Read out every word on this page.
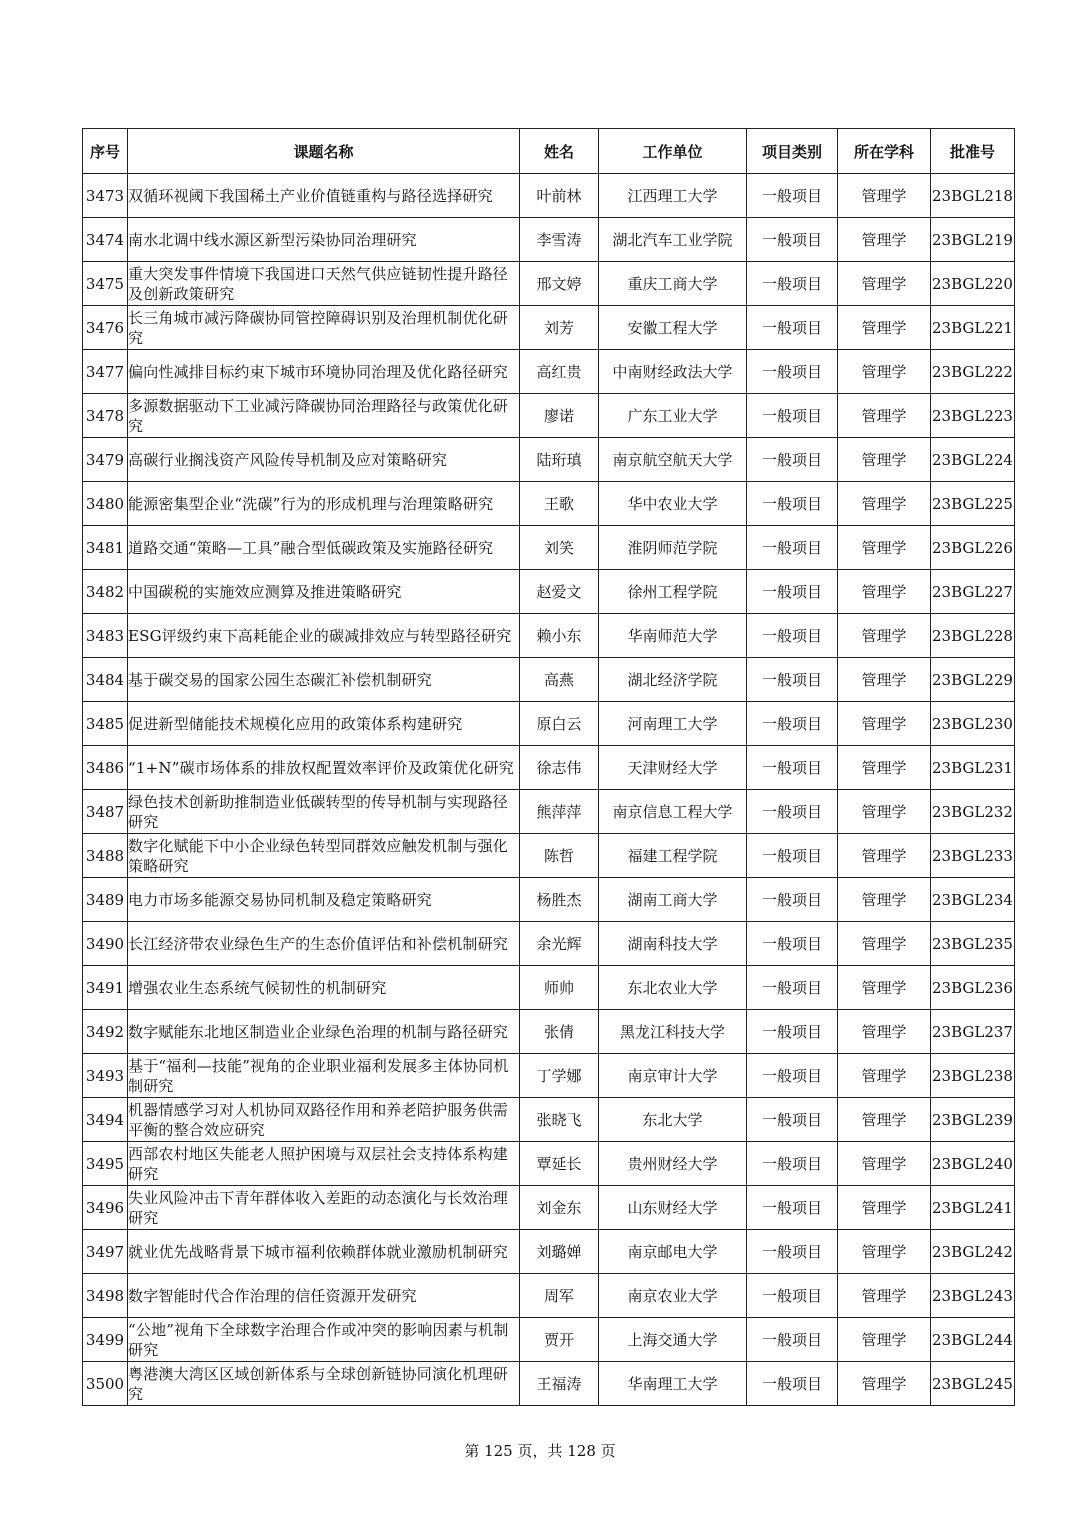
序号	课题名称	姓名	工作单位	项目类别	所在学科	批准号
3473	双循环视阈下我国稀土产业价值链重构与路径选择研究	叶前林	江西理工大学	一般项目	管理学	23BGL218
3474	南水北调中线水源区新型污染协同治理研究	李雪涛	湖北汽车工业学院	一般项目	管理学	23BGL219
3475	重大突发事件情境下我国进口天然气供应链韧性提升路径及创新政策研究	邢文婷	重庆工商大学	一般项目	管理学	23BGL220
3476	长三角城市减污降碳协同管控障碍识别及治理机制优化研究	刘芳	安徽工程大学	一般项目	管理学	23BGL221
3477	偏向性减排目标约束下城市环境协同治理及优化路径研究	高红贵	中南财经政法大学	一般项目	管理学	23BGL222
3478	多源数据驱动下工业减污降碳协同治理路径与政策优化研究	廖诺	广东工业大学	一般项目	管理学	23BGL223
3479	高碳行业搁浅资产风险传导机制及应对策略研究	陆珩瑱	南京航空航天大学	一般项目	管理学	23BGL224
3480	能源密集型企业“洗碳”行为的形成机理与治理策略研究	王歌	华中农业大学	一般项目	管理学	23BGL225
3481	道路交通“策略—工具”融合型低碳政策及实施路径研究	刘笑	淮阴师范学院	一般项目	管理学	23BGL226
3482	中国碳税的实施效应测算及推进策略研究	赵爱文	徐州工程学院	一般项目	管理学	23BGL227
3483	ESG评级约束下高耗能企业的碳减排效应与转型路径研究	赖小东	华南师范大学	一般项目	管理学	23BGL228
3484	基于碳交易的国家公园生态碳汇补偿机制研究	高燕	湖北经济学院	一般项目	管理学	23BGL229
3485	促进新型储能技术规模化应用的政策体系构建研究	原白云	河南理工大学	一般项目	管理学	23BGL230
3486	“1+N”碳市场体系的排放权配置效率评价及政策优化研究	徐志伟	天津财经大学	一般项目	管理学	23BGL231
3487	绿色技术创新助推制造业低碳转型的传导机制与实现路径研究	熊萍萍	南京信息工程大学	一般项目	管理学	23BGL232
3488	数字化赋能下中小企业绿色转型同群效应触发机制与强化策略研究	陈哲	福建工程学院	一般项目	管理学	23BGL233
3489	电力市场多能源交易协同机制及稳定策略研究	杨胜杰	湖南工商大学	一般项目	管理学	23BGL234
3490	长江经济带农业绿色生产的生态价值评估和补偿机制研究	余光辉	湖南科技大学	一般项目	管理学	23BGL235
3491	增强农业生态系统气候韧性的机制研究	师帅	东北农业大学	一般项目	管理学	23BGL236
3492	数字赋能东北地区制造业企业绿色治理的机制与路径研究	张倩	黑龙江科技大学	一般项目	管理学	23BGL237
3493	基于“福利—技能”视角的企业职业福利发展多主体协同机制研究	丁学娜	南京审计大学	一般项目	管理学	23BGL238
3494	机器情感学习对人机协同双路径作用和养老陪护服务供需平衡的整合效应研究	张晓飞	东北大学	一般项目	管理学	23BGL239
3495	西部农村地区失能老人照护困境与双层社会支持体系构建研究	覃延长	贵州财经大学	一般项目	管理学	23BGL240
3496	失业风险冲击下青年群体收入差距的动态演化与长效治理研究	刘金东	山东财经大学	一般项目	管理学	23BGL241
3497	就业优先战略背景下城市福利依赖群体就业激励机制研究	刘璐婵	南京邮电大学	一般项目	管理学	23BGL242
3498	数字智能时代合作治理的信任资源开发研究	周军	南京农业大学	一般项目	管理学	23BGL243
3499	“公地”视角下全球数字治理合作或冲突的影响因素与机制研究	贾开	上海交通大学	一般项目	管理学	23BGL244
3500	粤港澳大湾区区域创新体系与全球创新链协同演化机理研究	王福涛	华南理工大学	一般项目	管理学	23BGL245
第 125 页，共 128 页
